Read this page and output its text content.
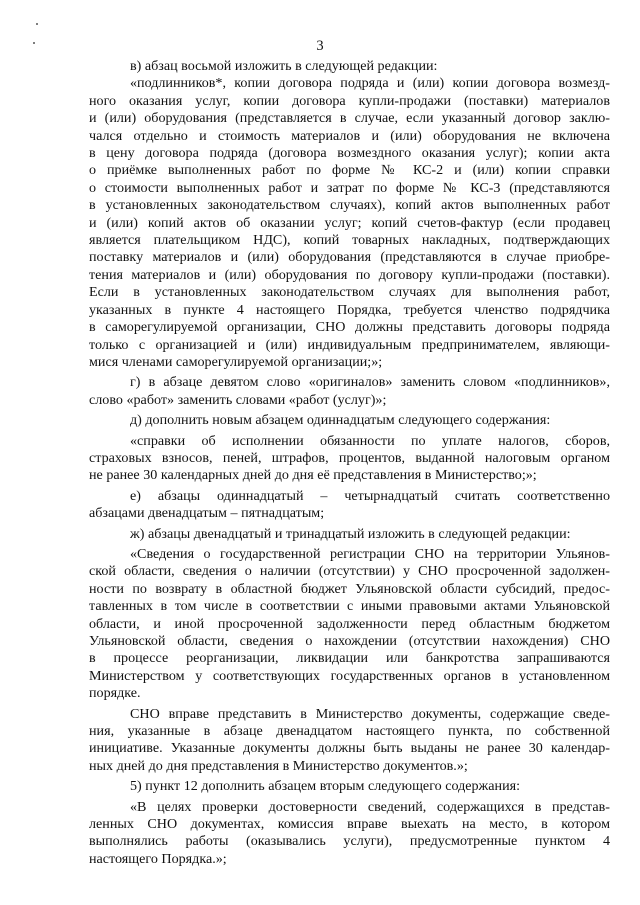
3
в) абзац восьмой изложить в следующей редакции:
«подлинников*, копии договора подряда и (или) копии договора возмезд-
ного оказания услуг, копии договора купли-продажи (поставки) материалов
и (или) оборудования (представляется в случае, если указанный договор заклю-
чался отдельно и стоимость материалов и (или) оборудования не включена
в цену договора подряда (договора возмездного оказания услуг); копии акта
о приёмке выполненных работ по форме № КС-2 и (или) копии справки
о стоимости выполненных работ и затрат по форме № КС-3 (представляются
в установленных законодательством случаях), копий актов выполненных работ
и (или) копий актов об оказании услуг; копий счетов-фактур (если продавец
является плательщиком НДС), копий товарных накладных, подтверждающих
поставку материалов и (или) оборудования (представляются в случае приобре-
тения материалов и (или) оборудования по договору купли-продажи (поставки).
Если в установленных законодательством случаях для выполнения работ,
указанных в пункте 4 настоящего Порядка, требуется членство подрядчика
в саморегулируемой организации, СНО должны представить договоры подряда
только с организацией и (или) индивидуальным предпринимателем, являющи-
мися членами саморегулируемой организации;»;
г) в абзаце девятом слово «оригиналов» заменить словом «подлинников»,
слово «работ» заменить словами «работ (услуг)»;
д) дополнить новым абзацем одиннадцатым следующего содержания:
«справки об исполнении обязанности по уплате налогов, сборов,
страховых взносов, пеней, штрафов, процентов, выданной налоговым органом
не ранее 30 календарных дней до дня её представления в Министерство;»;
е) абзацы одиннадцатый – четырнадцатый считать соответственно
абзацами двенадцатым – пятнадцатым;
ж) абзацы двенадцатый и тринадцатый изложить в следующей редакции:
«Сведения о государственной регистрации СНО на территории Ульянов-
ской области, сведения о наличии (отсутствии) у СНО просроченной задолжен-
ности по возврату в областной бюджет Ульяновской области субсидий, предос-
тавленных в том числе в соответствии с иными правовыми актами Ульяновской
области, и иной просроченной задолженности перед областным бюджетом
Ульяновской области, сведения о нахождении (отсутствии нахождения) СНО
в процессе реорганизации, ликвидации или банкротства запрашиваются
Министерством у соответствующих государственных органов в установленном
порядке.
СНО вправе представить в Министерство документы, содержащие сведе-
ния, указанные в абзаце двенадцатом настоящего пункта, по собственной
инициативе. Указанные документы должны быть выданы не ранее 30 календар-
ных дней до дня представления в Министерство документов.»;
5) пункт 12 дополнить абзацем вторым следующего содержания:
«В целях проверки достоверности сведений, содержащихся в представ-
ленных СНО документах, комиссия вправе выехать на место, в котором
выполнялись работы (оказывались услуги), предусмотренные пунктом 4
настоящего Порядка.»;
